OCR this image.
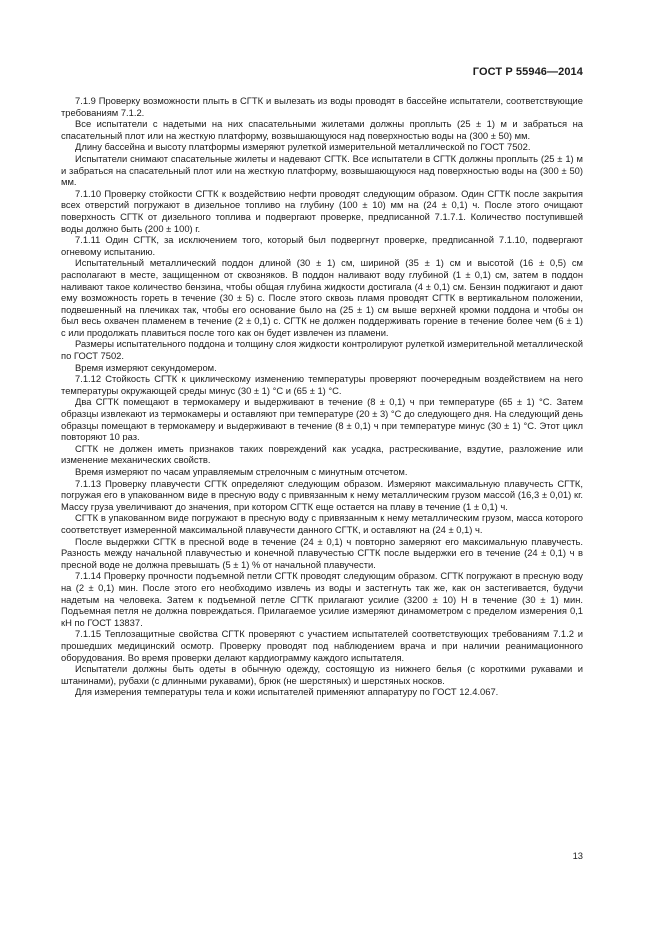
ГОСТ Р 55946—2014

7.1.9 Проверку возможности плыть в СГТК и вылезать из воды проводят в бассейне испытатели, соответствующие требованиям 7.1.2.

Все испытатели с надетыми на них спасательными жилетами должны проплыть (25 ± 1) м и забраться на спасательный плот или на жесткую платформу, возвышающуюся над поверхностью воды на (300 ± 50) мм.

Длину бассейна и высоту платформы измеряют рулеткой измерительной металлической по ГОСТ 7502.

Испытатели снимают спасательные жилеты и надевают СГТК. Все испытатели в СГТК должны проплыть (25 ± 1) м и забраться на спасательный плот или на жесткую платформу, возвышающуюся над поверхностью воды на (300 ± 50) мм.

7.1.10 Проверку стойкости СГТК к воздействию нефти проводят следующим образом. Один СГТК после закрытия всех отверстий погружают в дизельное топливо на глубину (100 ± 10) мм на (24 ± 0,1) ч. После этого очищают поверхность СГТК от дизельного топлива и подвергают проверке, предписанной 7.1.7.1. Количество поступившей воды должно быть (200 ± 100) г.

7.1.11 Один СГТК, за исключением того, который был подвергнут проверке, предписанной 7.1.10, подвергают огневому испытанию.

Испытательный металлический поддон длиной (30 ± 1) см, шириной (35 ± 1) см и высотой (16 ± 0,5) см располагают в месте, защищенном от сквозняков. В поддон наливают воду глубиной (1 ± 0,1) см, затем в поддон наливают такое количество бензина, чтобы общая глубина жидкости достигала (4 ± 0,1) см. Бензин поджигают и дают ему возможность гореть в течение (30 ± 5) с. После этого сквозь пламя проводят СГТК в вертикальном положении, подвешенный на плечиках так, чтобы его основание было на (25 ± 1) см выше верхней кромки поддона и чтобы он был весь охвачен пламенем в течение (2 ± 0,1) с. СГТК не должен поддерживать горение в течение более чем (6 ± 1) с или продолжать плавиться после того как он будет извлечен из пламени.

Размеры испытательного поддона и толщину слоя жидкости контролируют рулеткой измерительной металлической по ГОСТ 7502.

Время измеряют секундомером.

7.1.12 Стойкость СГТК к циклическому изменению температуры проверяют поочередным воздействием на него температуры окружающей среды минус (30 ± 1) °С и (65 ± 1) °С.

Два СГТК помещают в термокамеру и выдерживают в течение (8 ± 0,1) ч при температуре (65 ± 1) °С. Затем образцы извлекают из термокамеры и оставляют при температуре (20 ± 3) °С до следующего дня. На следующий день образцы помещают в термокамеру и выдерживают в течение (8 ± 0,1) ч при температуре минус (30 ± 1) °С. Этот цикл повторяют 10 раз.

СГТК не должен иметь признаков таких повреждений как усадка, растрескивание, вздутие, разложение или изменение механических свойств.

Время измеряют по часам управляемым стрелочным с минутным отсчетом.

7.1.13 Проверку плавучести СГТК определяют следующим образом. Измеряют максимальную плавучесть СГТК, погружая его в упакованном виде в пресную воду с привязанным к нему металлическим грузом массой (16,3 ± 0,01) кг. Массу груза увеличивают до значения, при котором СГТК еще остается на плаву в течение (1 ± 0,1) ч.

СГТК в упакованном виде погружают в пресную воду с привязанным к нему металлическим грузом, масса которого соответствует измеренной максимальной плавучести данного СГТК, и оставляют на (24 ± 0,1) ч.

После выдержки СГТК в пресной воде в течение (24 ± 0,1) ч повторно замеряют его максимальную плавучесть. Разность между начальной плавучестью и конечной плавучестью СГТК после выдержки его в течение (24 ± 0,1) ч в пресной воде не должна превышать (5 ± 1) % от начальной плавучести.

7.1.14 Проверку прочности подъемной петли СГТК проводят следующим образом. СГТК погружают в пресную воду на (2 ± 0,1) мин. После этого его необходимо извлечь из воды и застегнуть так же, как он застегивается, будучи надетым на человека. Затем к подъемной петле СГТК прилагают усилие (3200 ± 10) Н в течение (30 ± 1) мин. Подъемная петля не должна повреждаться. Прилагаемое усилие измеряют динамометром с пределом измерения 0,1 кН по ГОСТ 13837.

7.1.15 Теплозащитные свойства СГТК проверяют с участием испытателей соответствующих требованиям 7.1.2 и прошедших медицинский осмотр. Проверку проводят под наблюдением врача и при наличии реанимационного оборудования. Во время проверки делают кардиограмму каждого испытателя.

Испытатели должны быть одеты в обычную одежду, состоящую из нижнего белья (с короткими рукавами и штанинами), рубахи (с длинными рукавами), брюк (не шерстяных) и шерстяных носков.

Для измерения температуры тела и кожи испытателей применяют аппаратуру по ГОСТ 12.4.067.

13
